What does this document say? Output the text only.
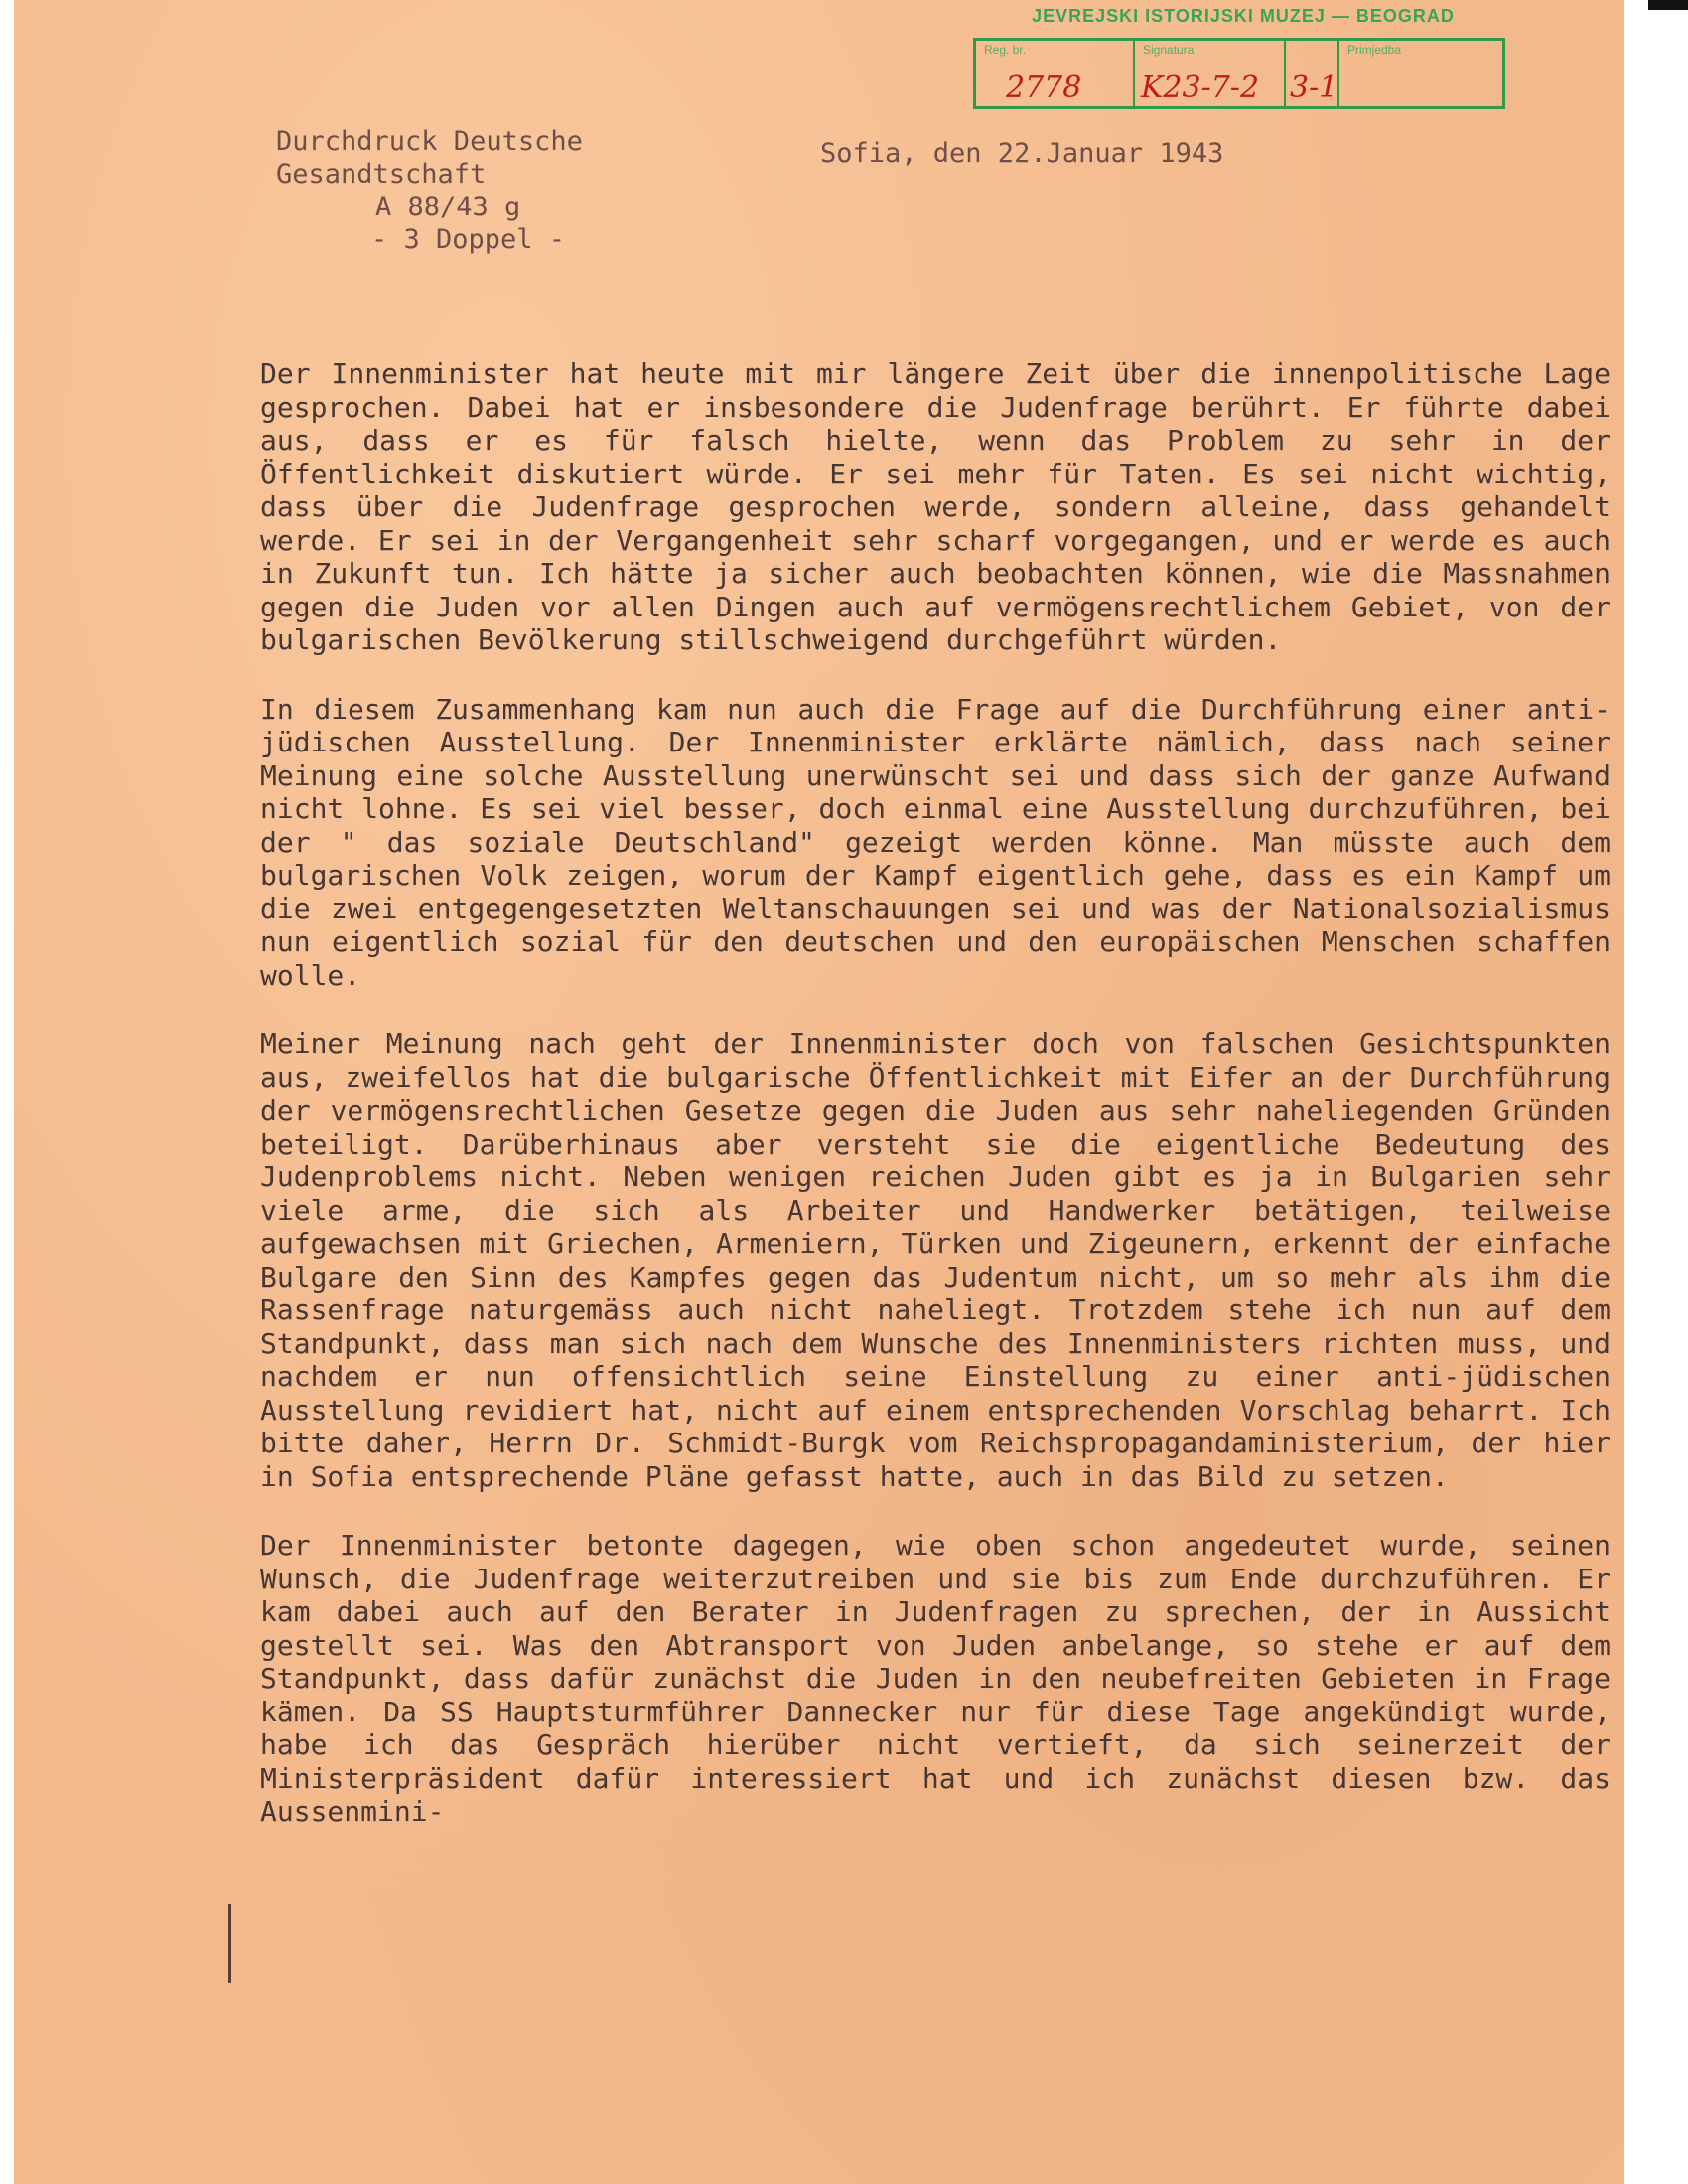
JEVREJSKI ISTORIJSKI MUZEJ — BEOGRAD
Reg. br.
2778
Signatura
K23-7-2 3-1
Primjedba
Durchdruck Deutsche
Gesandtschaft
A 88/43 g
- 3 Doppel -
Sofia, den 22.Januar 1943

Der Innenminister hat heute mit mir längere Zeit über die innenpolitische Lage gesprochen. Dabei hat er insbesondere die Judenfrage berührt. Er führte dabei aus, dass er es für falsch hielte, wenn das Problem zu sehr in der Öffentlichkeit diskutiert würde. Er sei mehr für Taten. Es sei nicht wichtig, dass über die Judenfrage gesprochen werde, sondern alleine, dass gehandelt werde. Er sei in der Vergangenheit sehr scharf vorgegangen, und er werde es auch in Zukunft tun. Ich hätte ja sicher auch beobachten können, wie die Massnahmen gegen die Juden vor allen Dingen auch auf vermögensrechtlichem Gebiet, von der bulgarischen Bevölkerung stillschweigend durchgeführt würden.

In diesem Zusammenhang kam nun auch die Frage auf die Durchführung einer anti-jüdischen Ausstellung. Der Innenminister erklärte nämlich, dass nach seiner Meinung eine solche Ausstellung unerwünscht sei und dass sich der ganze Aufwand nicht lohne. Es sei viel besser, doch einmal eine Ausstellung durchzuführen, bei der " das soziale Deutschland" gezeigt werden könne. Man müsste auch dem bulgarischen Volk zeigen, worum der Kampf eigentlich gehe, dass es ein Kampf um die zwei entgegengesetzten Weltanschauungen sei und was der Nationalsozialismus nun eigentlich sozial für den deutschen und den europäischen Menschen schaffen wolle.

Meiner Meinung nach geht der Innenminister doch von falschen Gesichtspunkten aus, zweifellos hat die bulgarische Öffentlichkeit mit Eifer an der Durchführung der vermögensrechtlichen Gesetze gegen die Juden aus sehr naheliegenden Gründen beteiligt. Darüberhinaus aber versteht sie die eigentliche Bedeutung des Judenproblems nicht. Neben wenigen reichen Juden gibt es ja in Bulgarien sehr viele arme, die sich als Arbeiter und Handwerker betätigen, teilweise aufgewachsen mit Griechen, Armeniern, Türken und Zigeunern, erkennt der einfache Bulgare den Sinn des Kampfes gegen das Judentum nicht, um so mehr als ihm die Rassenfrage naturgemäss auch nicht naheliegt. Trotzdem stehe ich nun auf dem Standpunkt, dass man sich nach dem Wunsche des Innenministers richten muss, und nachdem er nun offensichtlich seine Einstellung zu einer anti-jüdischen Ausstellung revidiert hat, nicht auf einem entsprechenden Vorschlag beharrt. Ich bitte daher, Herrn Dr. Schmidt-Burgk vom Reichspropagandaministerium, der hier in Sofia entsprechende Pläne gefasst hatte, auch in das Bild zu setzen.

Der Innenminister betonte dagegen, wie oben schon angedeutet wurde, seinen Wunsch, die Judenfrage weiterzutreiben und sie bis zum Ende durchzuführen. Er kam dabei auch auf den Berater in Judenfragen zu sprechen, der in Aussicht gestellt sei. Was den Abtransport von Juden anbelange, so stehe er auf dem Standpunkt, dass dafür zunächst die Juden in den neubefreiten Gebieten in Frage kämen. Da SS Hauptsturmführer Dannecker nur für diese Tage angekündigt wurde, habe ich das Gespräch hierüber nicht vertieft, da sich seinerzeit der Ministerpräsident dafür interessiert hat und ich zunächst diesen bzw. das Aussenmini-
